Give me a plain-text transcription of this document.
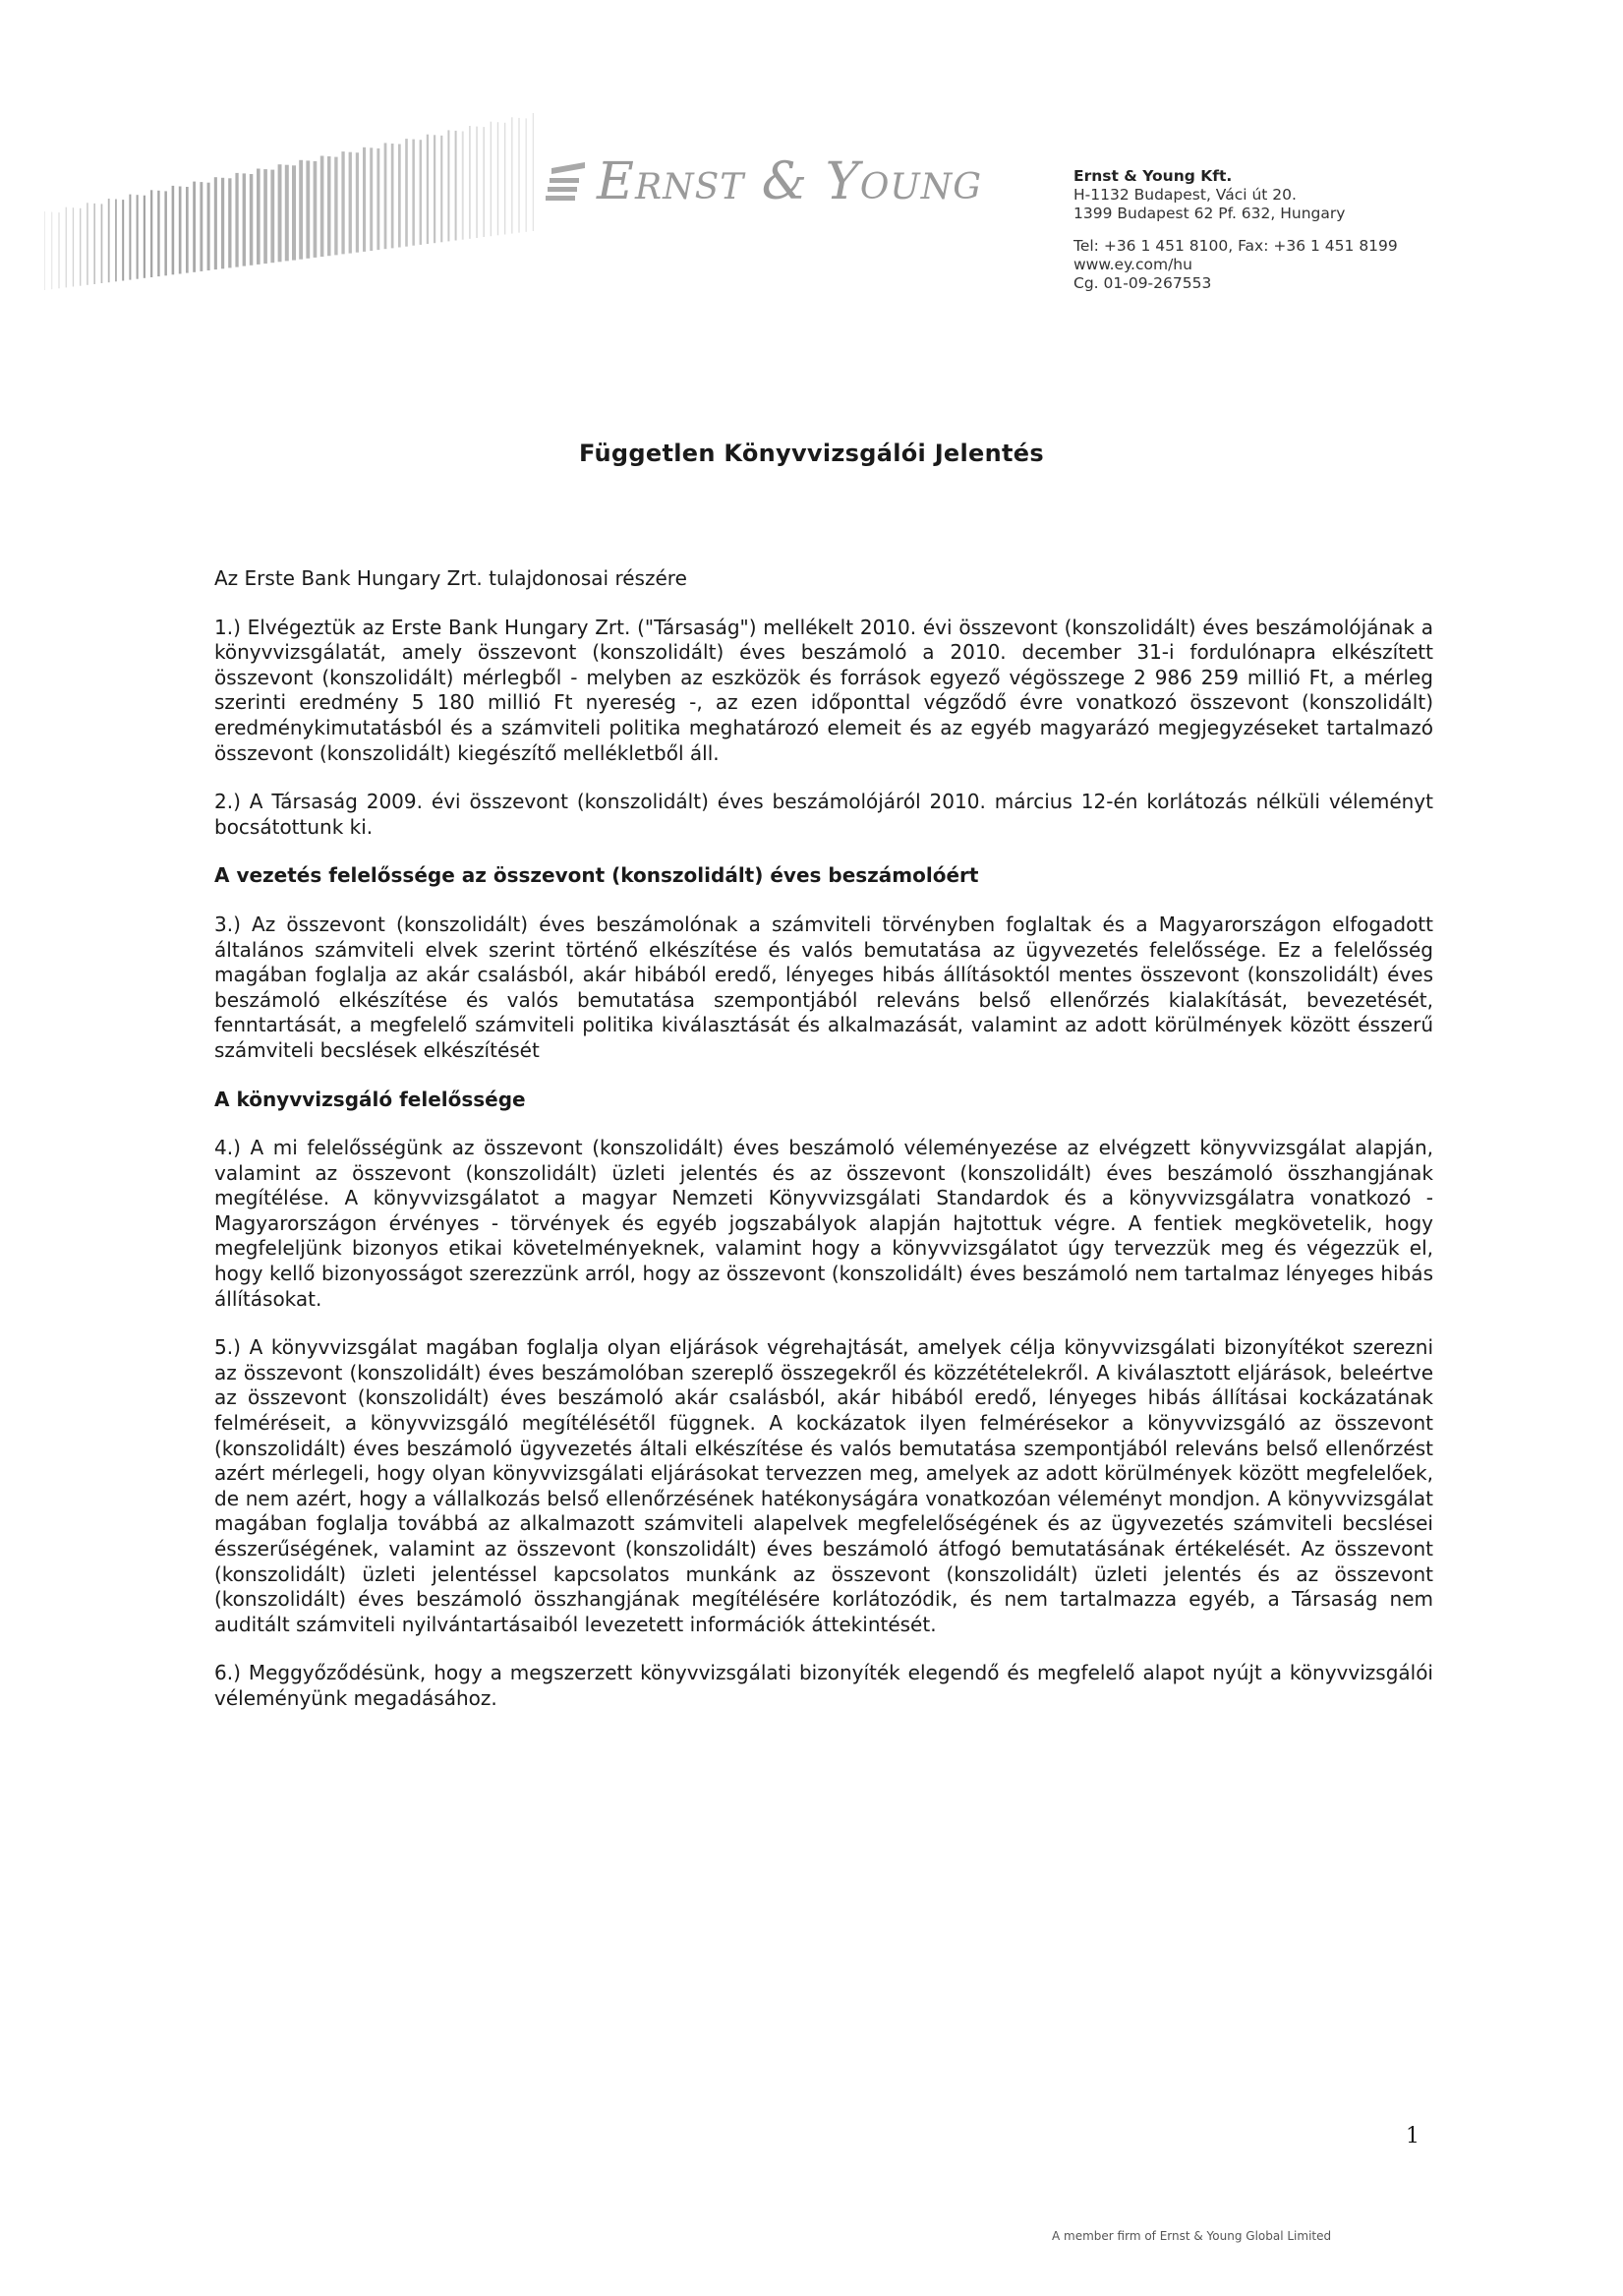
Ernst & Young	Ernst & Young Kft.
H-1132 Budapest, Váci út 20.
1399 Budapest 62 Pf. 632, Hungary
Tel: +36 1 451 8100, Fax: +36 1 451 8199
www.ey.com/hu
Cg. 01-09-267553
Független Könyvvizsgálói Jelentés

Az Erste Bank Hungary Zrt. tulajdonosai részére

1.) Elvégeztük az Erste Bank Hungary Zrt. ("Társaság") mellékelt 2010. évi összevont (konszolidált) éves beszámolójának a könyvvizsgálatát, amely összevont (konszolidált) éves beszámoló a 2010. december 31-i fordulónapra elkészített összevont (konszolidált) mérlegből - melyben az eszközök és források egyező végösszege 2 986 259 millió Ft, a mérleg szerinti eredmény 5 180 millió Ft nyereség -, az ezen időponttal végződő évre vonatkozó összevont (konszolidált) eredménykimutatásból és a számviteli politika meghatározó elemeit és az egyéb magyarázó megjegyzéseket tartalmazó összevont (konszolidált) kiegészítő mellékletből áll.

2.) A Társaság 2009. évi összevont (konszolidált) éves beszámolójáról 2010. március 12-én korlátozás nélküli véleményt bocsátottunk ki.

A vezetés felelőssége az összevont (konszolidált) éves beszámolóért

3.) Az összevont (konszolidált) éves beszámolónak a számviteli törvényben foglaltak és a Magyarországon elfogadott általános számviteli elvek szerint történő elkészítése és valós bemutatása az ügyvezetés felelőssége. Ez a felelősség magában foglalja az akár csalásból, akár hibából eredő, lényeges hibás állításoktól mentes összevont (konszolidált) éves beszámoló elkészítése és valós bemutatása szempontjából releváns belső ellenőrzés kialakítását, bevezetését, fenntartását, a megfelelő számviteli politika kiválasztását és alkalmazását, valamint az adott körülmények között ésszerű számviteli becslések elkészítését

A könyvvizsgáló felelőssége

4.) A mi felelősségünk az összevont (konszolidált) éves beszámoló véleményezése az elvégzett könyvvizsgálat alapján, valamint az összevont (konszolidált) üzleti jelentés és az összevont (konszolidált) éves beszámoló összhangjának megítélése. A könyvvizsgálatot a magyar Nemzeti Könyvvizsgálati Standardok és a könyvvizsgálatra vonatkozó - Magyarországon érvényes - törvények és egyéb jogszabályok alapján hajtottuk végre. A fentiek megkövetelik, hogy megfeleljünk bizonyos etikai követelményeknek, valamint hogy a könyvvizsgálatot úgy tervezzük meg és végezzük el, hogy kellő bizonyosságot szerezzünk arról, hogy az összevont (konszolidált) éves beszámoló nem tartalmaz lényeges hibás állításokat.

5.) A könyvvizsgálat magában foglalja olyan eljárások végrehajtását, amelyek célja könyvvizsgálati bizonyítékot szerezni az összevont (konszolidált) éves beszámolóban szereplő összegekről és közzétételekről. A kiválasztott eljárások, beleértve az összevont (konszolidált) éves beszámoló akár csalásból, akár hibából eredő, lényeges hibás állításai kockázatának felméréseit, a könyvvizsgáló megítélésétől függnek. A kockázatok ilyen felmérésekor a könyvvizsgáló az összevont (konszolidált) éves beszámoló ügyvezetés általi elkészítése és valós bemutatása szempontjából releváns belső ellenőrzést azért mérlegeli, hogy olyan könyvvizsgálati eljárásokat tervezzen meg, amelyek az adott körülmények között megfelelőek, de nem azért, hogy a vállalkozás belső ellenőrzésének hatékonyságára vonatkozóan véleményt mondjon. A könyvvizsgálat magában foglalja továbbá az alkalmazott számviteli alapelvek megfelelőségének és az ügyvezetés számviteli becslései ésszerűségének, valamint az összevont (konszolidált) éves beszámoló átfogó bemutatásának értékelését. Az összevont (konszolidált) üzleti jelentéssel kapcsolatos munkánk az összevont (konszolidált) üzleti jelentés és az összevont (konszolidált) éves beszámoló összhangjának megítélésére korlátozódik, és nem tartalmazza egyéb, a Társaság nem auditált számviteli nyilvántartásaiból levezetett információk áttekintését.

6.) Meggyőződésünk, hogy a megszerzett könyvvizsgálati bizonyíték elegendő és megfelelő alapot nyújt a könyvvizsgálói véleményünk megadásához.

1
A member firm of Ernst & Young Global Limited
